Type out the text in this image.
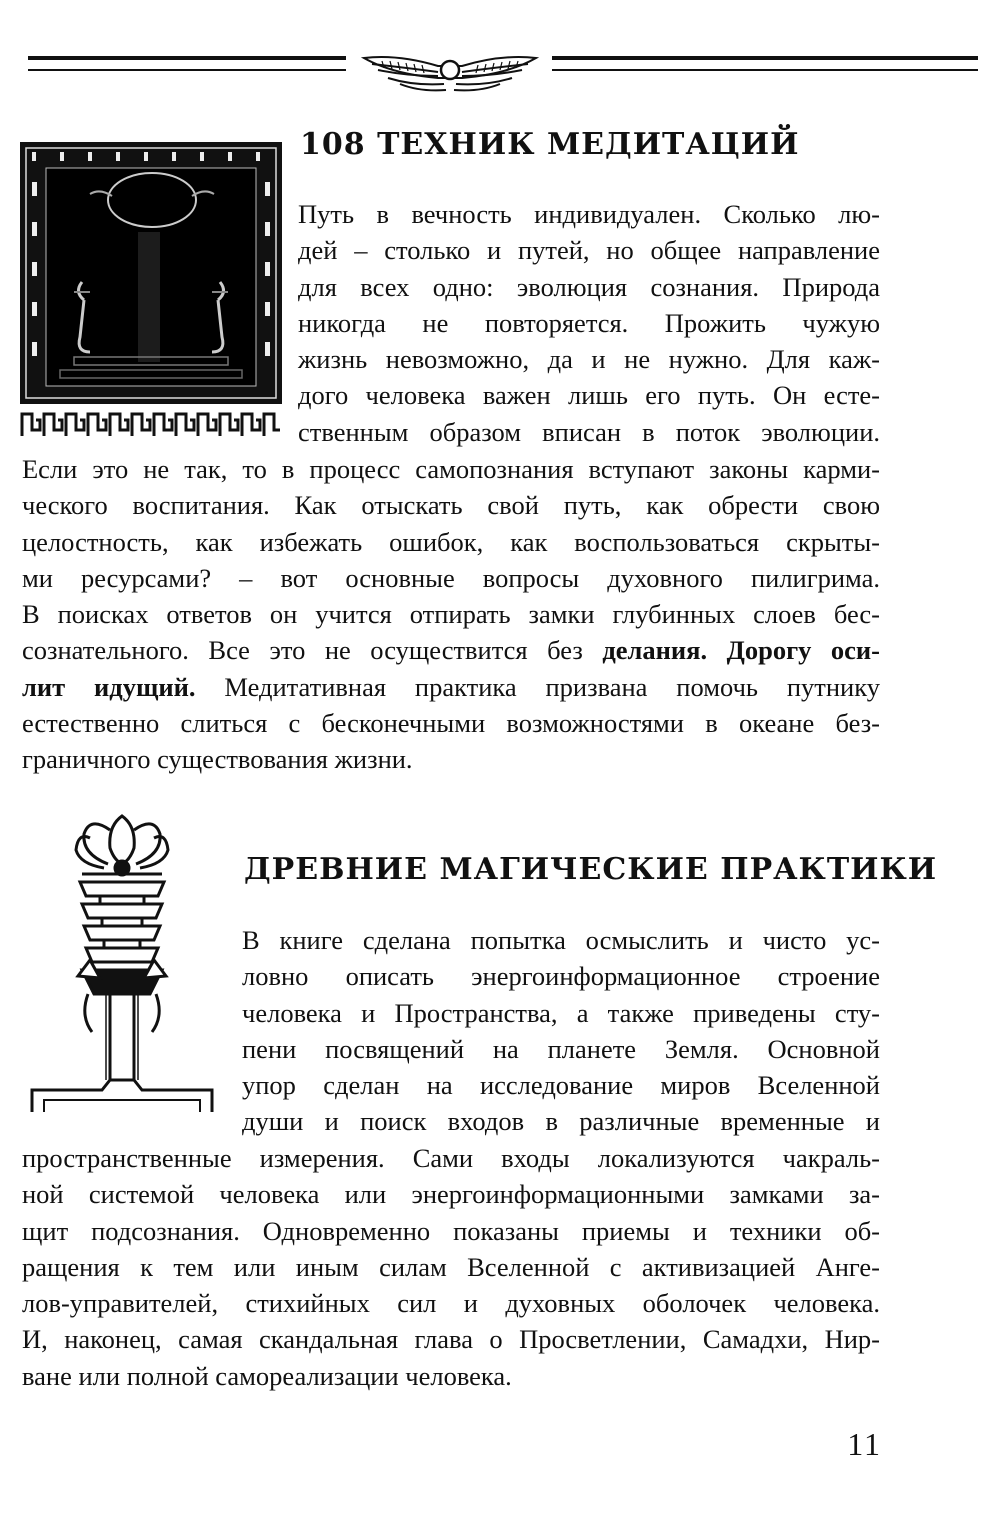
108 ТЕХНИК МЕДИТАЦИЙ
Путь в вечность индивидуален. Сколько лю-
дей – столько и путей, но общее направление
для всех одно: эволюция сознания. Природа
никогда не повторяется. Прожить чужую
жизнь невозможно, да и не нужно. Для каж-
дого человека важен лишь его путь. Он есте-
ственным образом вписан в поток эволюции.
Если это не так, то в процесс самопознания вступают законы карми-
ческого воспитания. Как отыскать свой путь, как обрести свою
целостность, как избежать ошибок, как воспользоваться скрыты-
ми ресурсами? – вот основные вопросы духовного пилигрима.
В поисках ответов он учится отпирать замки глубинных слоев бес-
сознательного. Все это не осуществится без делания. Дорогу оси-
лит идущий. Медитативная практика призвана помочь путнику
естественно слиться с бесконечными возможностями в океане без-
граничного существования жизни.
ДРЕВНИЕ МАГИЧЕСКИЕ ПРАКТИКИ
В книге сделана попытка осмыслить и чисто ус-
ловно описать энергоинформационное строение
человека и Пространства, а также приведены сту-
пени посвящений на планете Земля. Основной
упор сделан на исследование миров Вселенной
души и поиск входов в различные временные и
пространственные измерения. Сами входы локализуются чакраль-
ной системой человека или энергоинформационными замками за-
щит подсознания. Одновременно показаны приемы и техники об-
ращения к тем или иным силам Вселенной с активизацией Анге-
лов-управителей, стихийных сил и духовных оболочек человека.
И, наконец, самая скандальная глава о Просветлении, Самадхи, Нир-
ване или полной самореализации человека.
11
